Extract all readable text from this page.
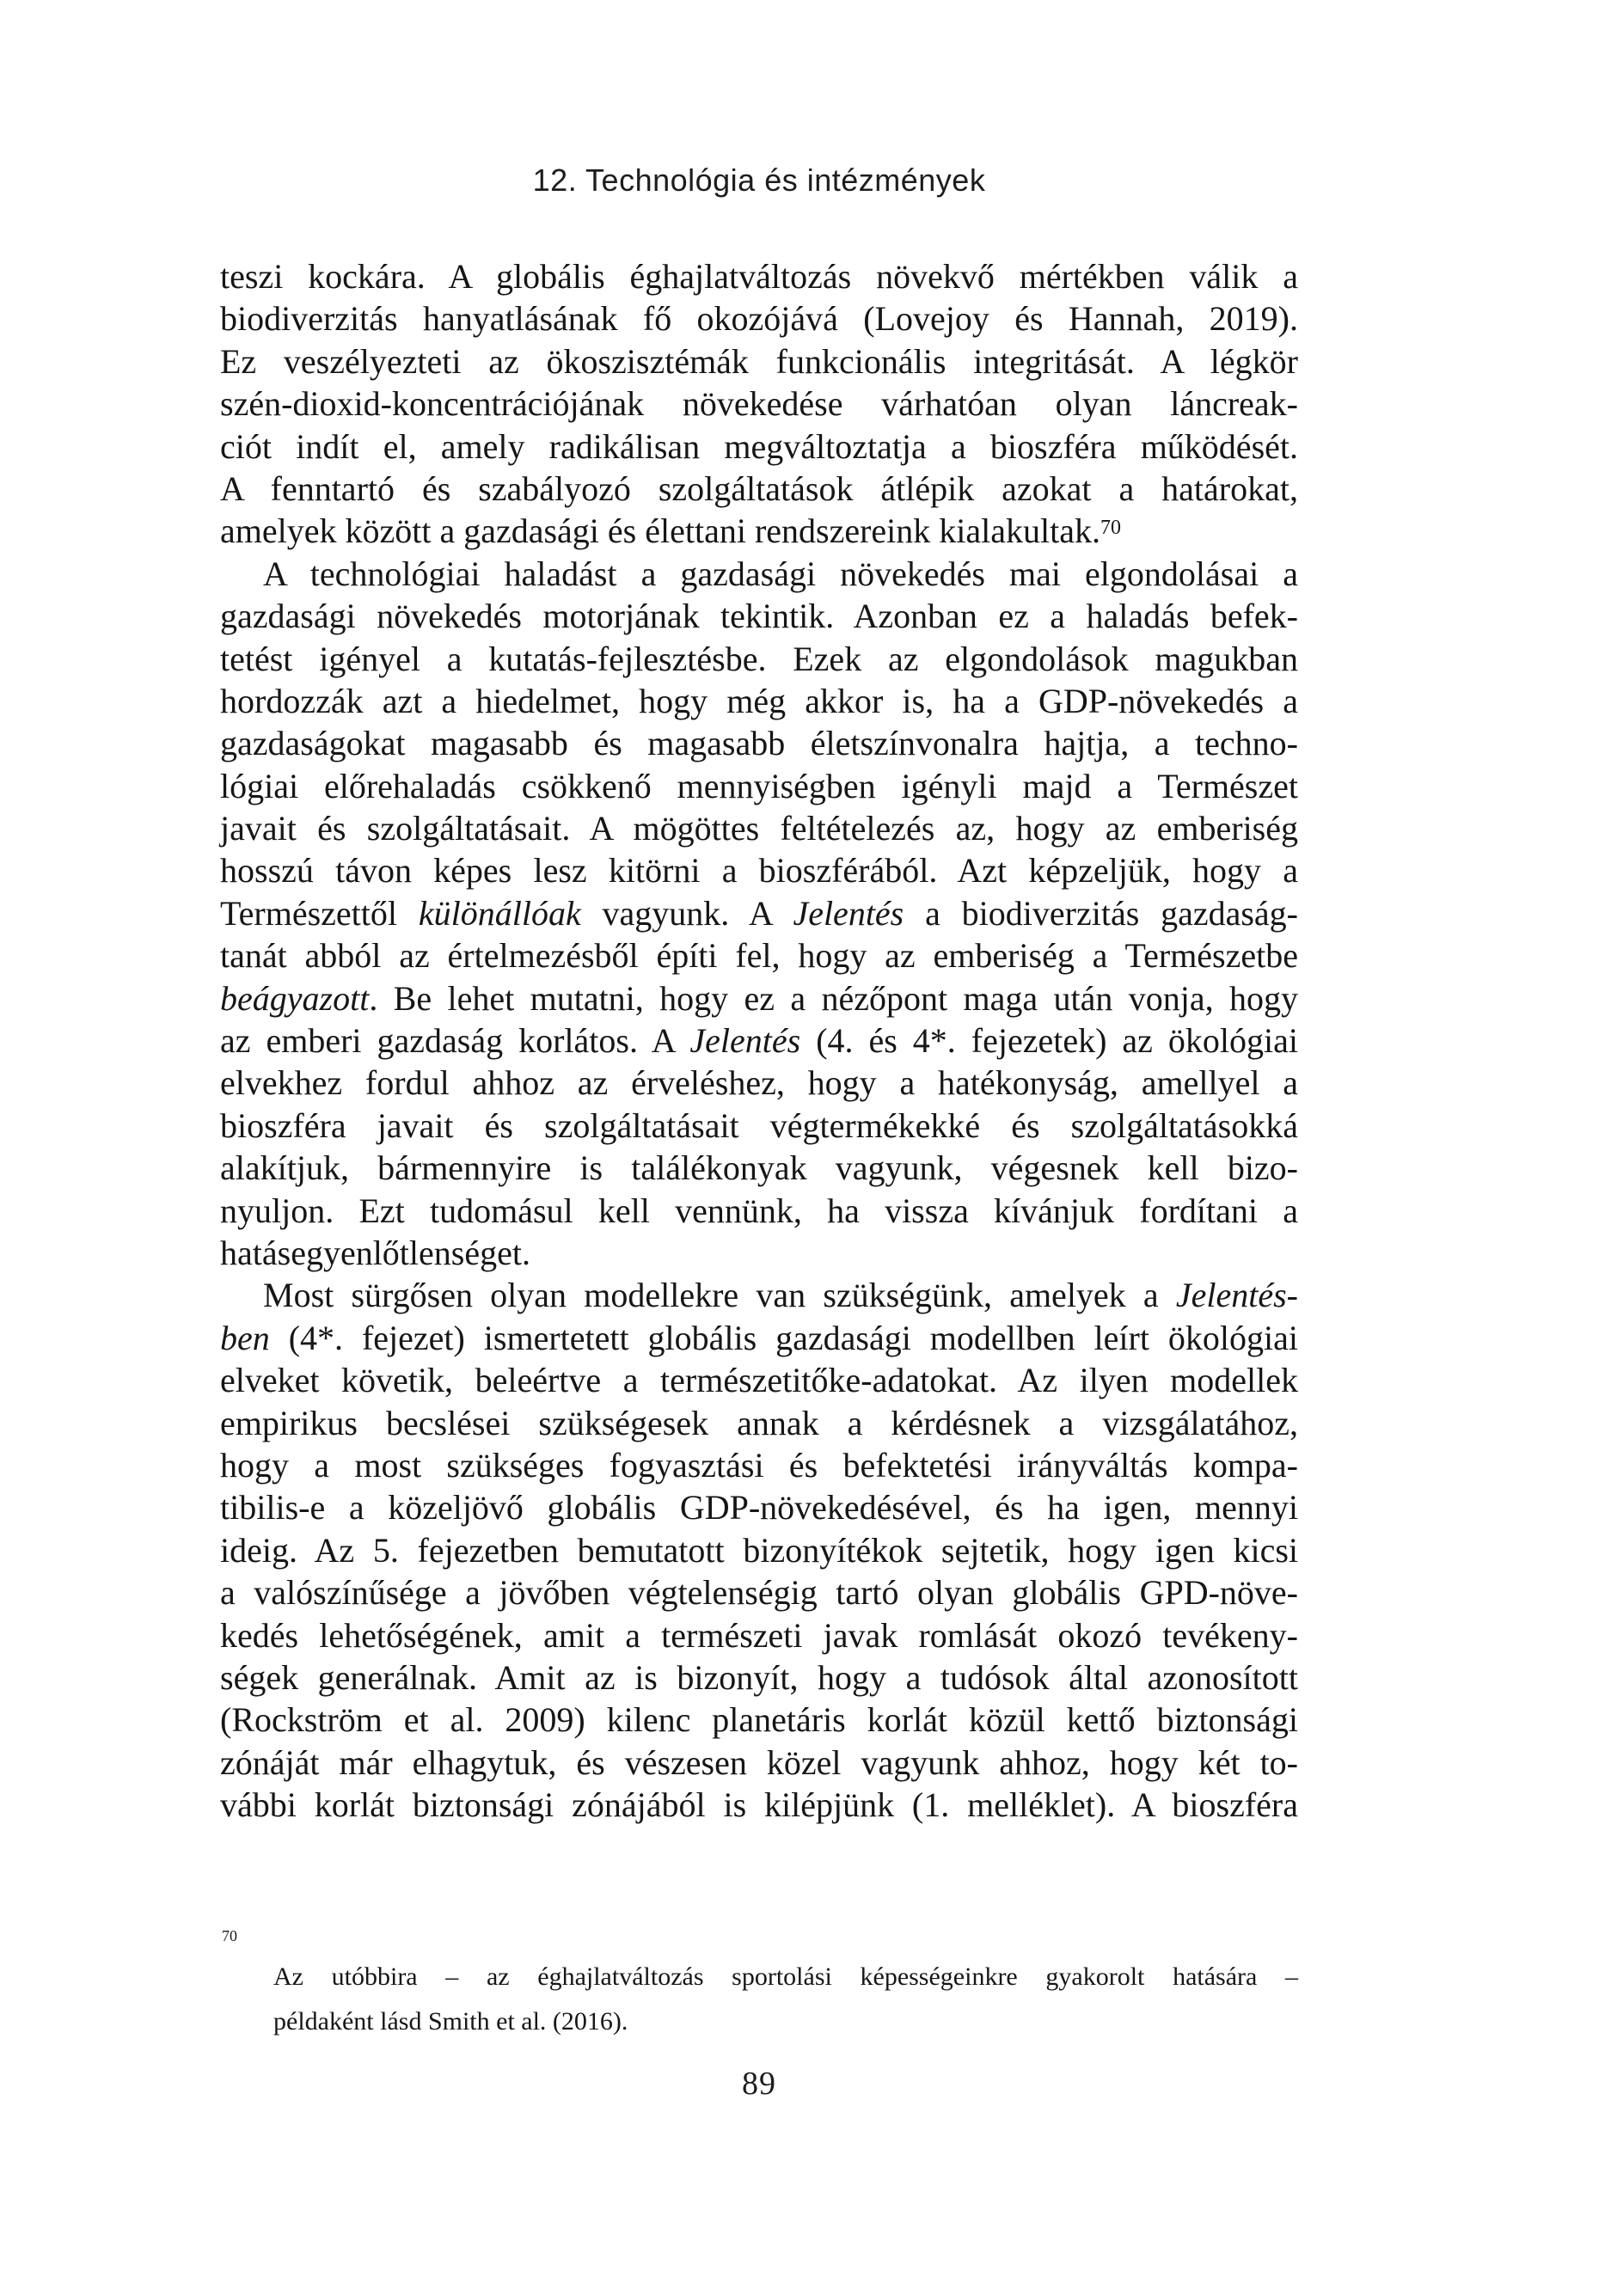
12. Technológia és intézmények
teszi kockára. A globális éghajlatváltozás növekvő mértékben válik a
biodiverzitás hanyatlásának fő okozójává (Lovejoy és Hannah, 2019).
Ez veszélyezteti az ökoszisztémák funkcionális integritását. A légkör
szén-dioxid-koncentrációjának növekedése várhatóan olyan láncreak-
ciót indít el, amely radikálisan megváltoztatja a bioszféra működését.
A fenntartó és szabályozó szolgáltatások átlépik azokat a határokat,
amelyek között a gazdasági és élettani rendszereink kialakultak.$^{70}$
A technológiai haladást a gazdasági növekedés mai elgondolásai a
gazdasági növekedés motorjának tekintik. Azonban ez a haladás befek-
tetést igényel a kutatás-fejlesztésbe. Ezek az elgondolások magukban
hordozzák azt a hiedelmet, hogy még akkor is, ha a GDP-növekedés a
gazdaságokat magasabb és magasabb életszínvonalra hajtja, a techno-
lógiai előrehaladás csökkenő mennyiségben igényli majd a Természet
javait és szolgáltatásait. A mögöttes feltételezés az, hogy az emberiség
hosszú távon képes lesz kitörni a bioszférából. Azt képzeljük, hogy a
Természettől különállóak vagyunk. A Jelentés a biodiverzitás gazdaság-
tanát abból az értelmezésből építi fel, hogy az emberiség a Természetbe
beágyazott. Be lehet mutatni, hogy ez a nézőpont maga után vonja, hogy
az emberi gazdaság korlátos. A Jelentés (4. és 4*. fejezetek) az ökológiai
elvekhez fordul ahhoz az érveléshez, hogy a hatékonyság, amellyel a
bioszféra javait és szolgáltatásait végtermékekké és szolgáltatásokká
alakítjuk, bármennyire is találékonyak vagyunk, végesnek kell bizo-
nyuljon. Ezt tudomásul kell vennünk, ha vissza kívánjuk fordítani a
hatásegyenlőtlenséget.
Most sürgősen olyan modellekre van szükségünk, amelyek a Jelentés-
ben (4*. fejezet) ismertetett globális gazdasági modellben leírt ökológiai
elveket követik, beleértve a természetitőke-adatokat. Az ilyen modellek
empirikus becslései szükségesek annak a kérdésnek a vizsgálatához,
hogy a most szükséges fogyasztási és befektetési irányváltás kompa-
tibilis-e a közeljövő globális GDP-növekedésével, és ha igen, mennyi
ideig. Az 5. fejezetben bemutatott bizonyítékok sejtetik, hogy igen kicsi
a valószínűsége a jövőben végtelenségig tartó olyan globális GPD-növe-
kedés lehetőségének, amit a természeti javak romlását okozó tevékeny-
ségek generálnak. Amit az is bizonyít, hogy a tudósok által azonosított
(Rockström et al. 2009) kilenc planetáris korlát közül kettő biztonsági
zónáját már elhagytuk, és vészesen közel vagyunk ahhoz, hogy két to-
vábbi korlát biztonsági zónájából is kilépjünk (1. melléklet). A bioszféra
$^{70}$
Az utóbbira – az éghajlatváltozás sportolási képességeinkre gyakorolt hatására –
példaként lásd Smith et al. (2016).
89
